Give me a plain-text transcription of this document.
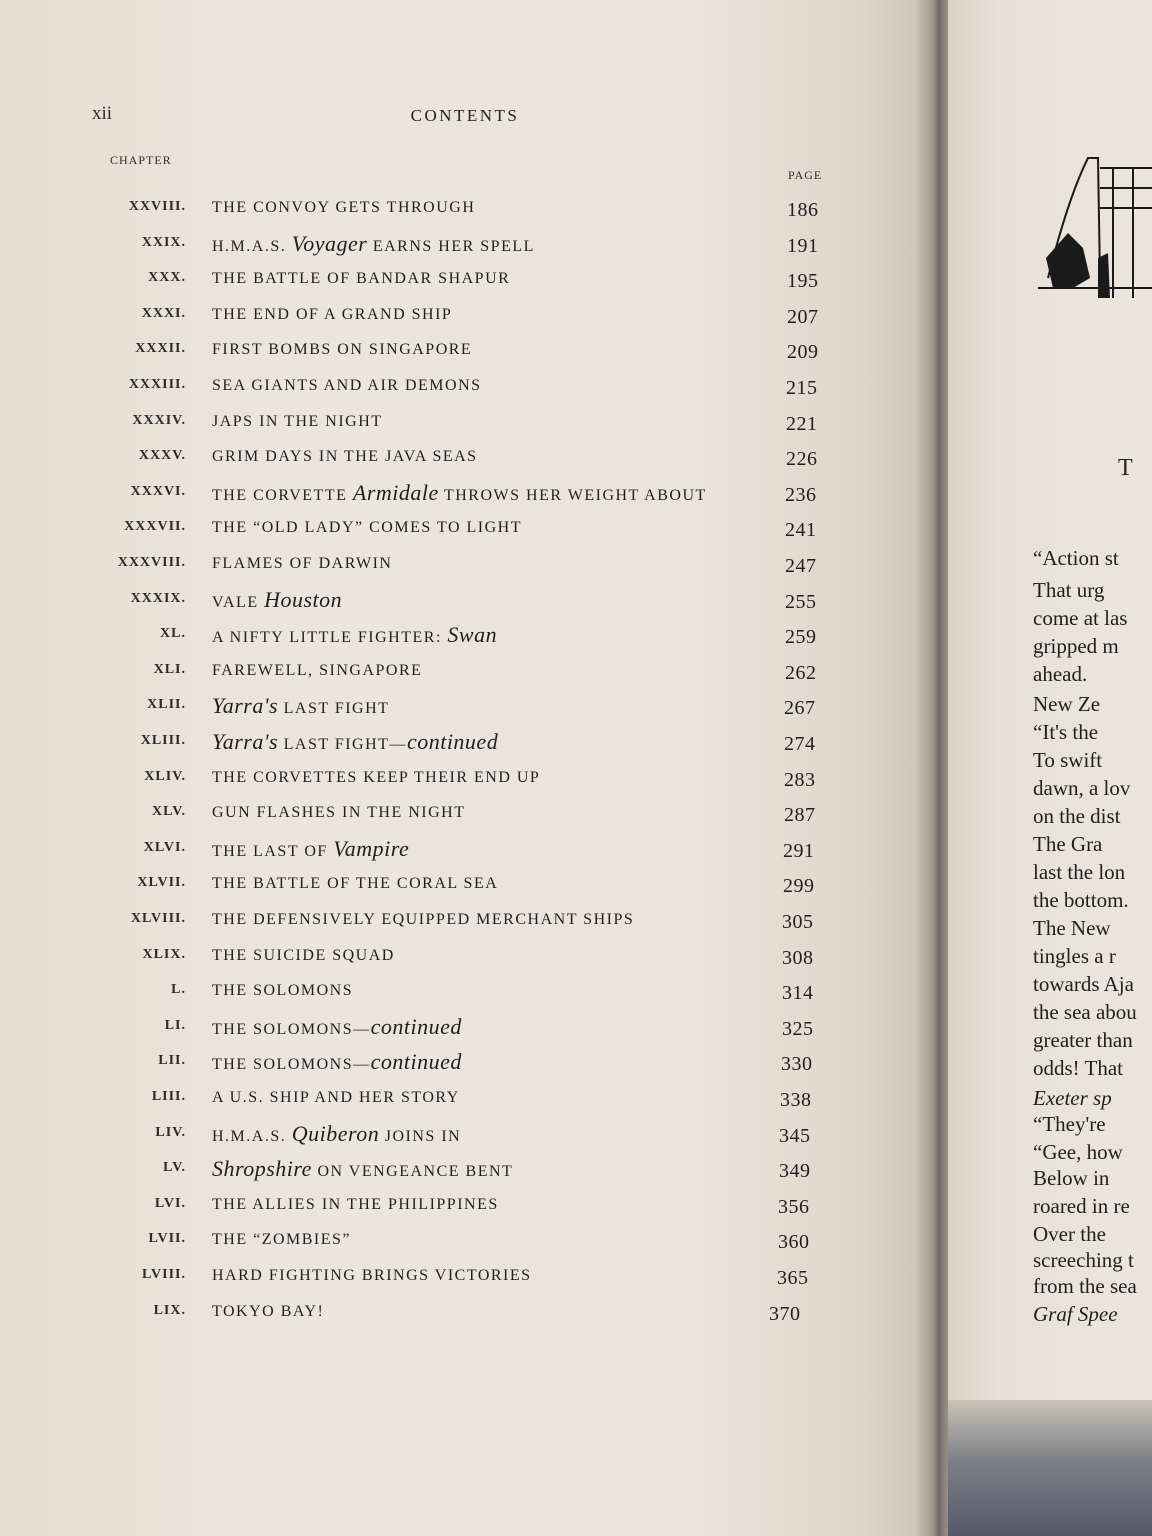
xii	CONTENTS
CHAPTER
PAGE
XXVIII. THE CONVOY GETS THROUGH	186
XXIX. H.M.A.S. Voyager EARNS HER SPELL	191
XXX. THE BATTLE OF BANDAR SHAPUR	195
XXXI. THE END OF A GRAND SHIP	207
XXXII. FIRST BOMBS ON SINGAPORE	209
XXXIII. SEA GIANTS AND AIR DEMONS	215
XXXIV. JAPS IN THE NIGHT	221
XXXV. GRIM DAYS IN THE JAVA SEAS	226
XXXVI. THE CORVETTE Armidale THROWS HER WEIGHT ABOUT	236
XXXVII. THE “OLD LADY” COMES TO LIGHT	241
XXXVIII. FLAMES OF DARWIN	247
XXXIX. VALE Houston	255
XL. A NIFTY LITTLE FIGHTER: Swan	259
XLI. FAREWELL, SINGAPORE	262
XLII. Yarra's LAST FIGHT	267
XLIII. Yarra's LAST FIGHT—continued	274
XLIV. THE CORVETTES KEEP THEIR END UP	283
XLV. GUN FLASHES IN THE NIGHT	287
XLVI. THE LAST OF Vampire	291
XLVII. THE BATTLE OF THE CORAL SEA	299
XLVIII. THE DEFENSIVELY EQUIPPED MERCHANT SHIPS	305
XLIX. THE SUICIDE SQUAD	308
L. THE SOLOMONS	314
LI. THE SOLOMONS—continued	325
LII. THE SOLOMONS—continued	330
LIII. A U.S. SHIP AND HER STORY	338
LIV. H.M.A.S. Quiberon JOINS IN	345
LV. Shropshire ON VENGEANCE BENT	349
LVI. THE ALLIES IN THE PHILIPPINES	356
LVII. THE “ZOMBIES”	360
LVIII. HARD FIGHTING BRINGS VICTORIES	365
LIX. TOKYO BAY!	370
T
“Action st
That urg
come at las
gripped m
ahead.
New Ze
“It's the
To swift
dawn, a lov
on the dist
The Gra
last the lon
the bottom.
The New
tingles a r
towards Aja
the sea abou
greater than
odds! That
Exeter sp
“They're
“Gee, how
Below in
roared in re
Over the
screeching t
from the sea
Graf Spee
